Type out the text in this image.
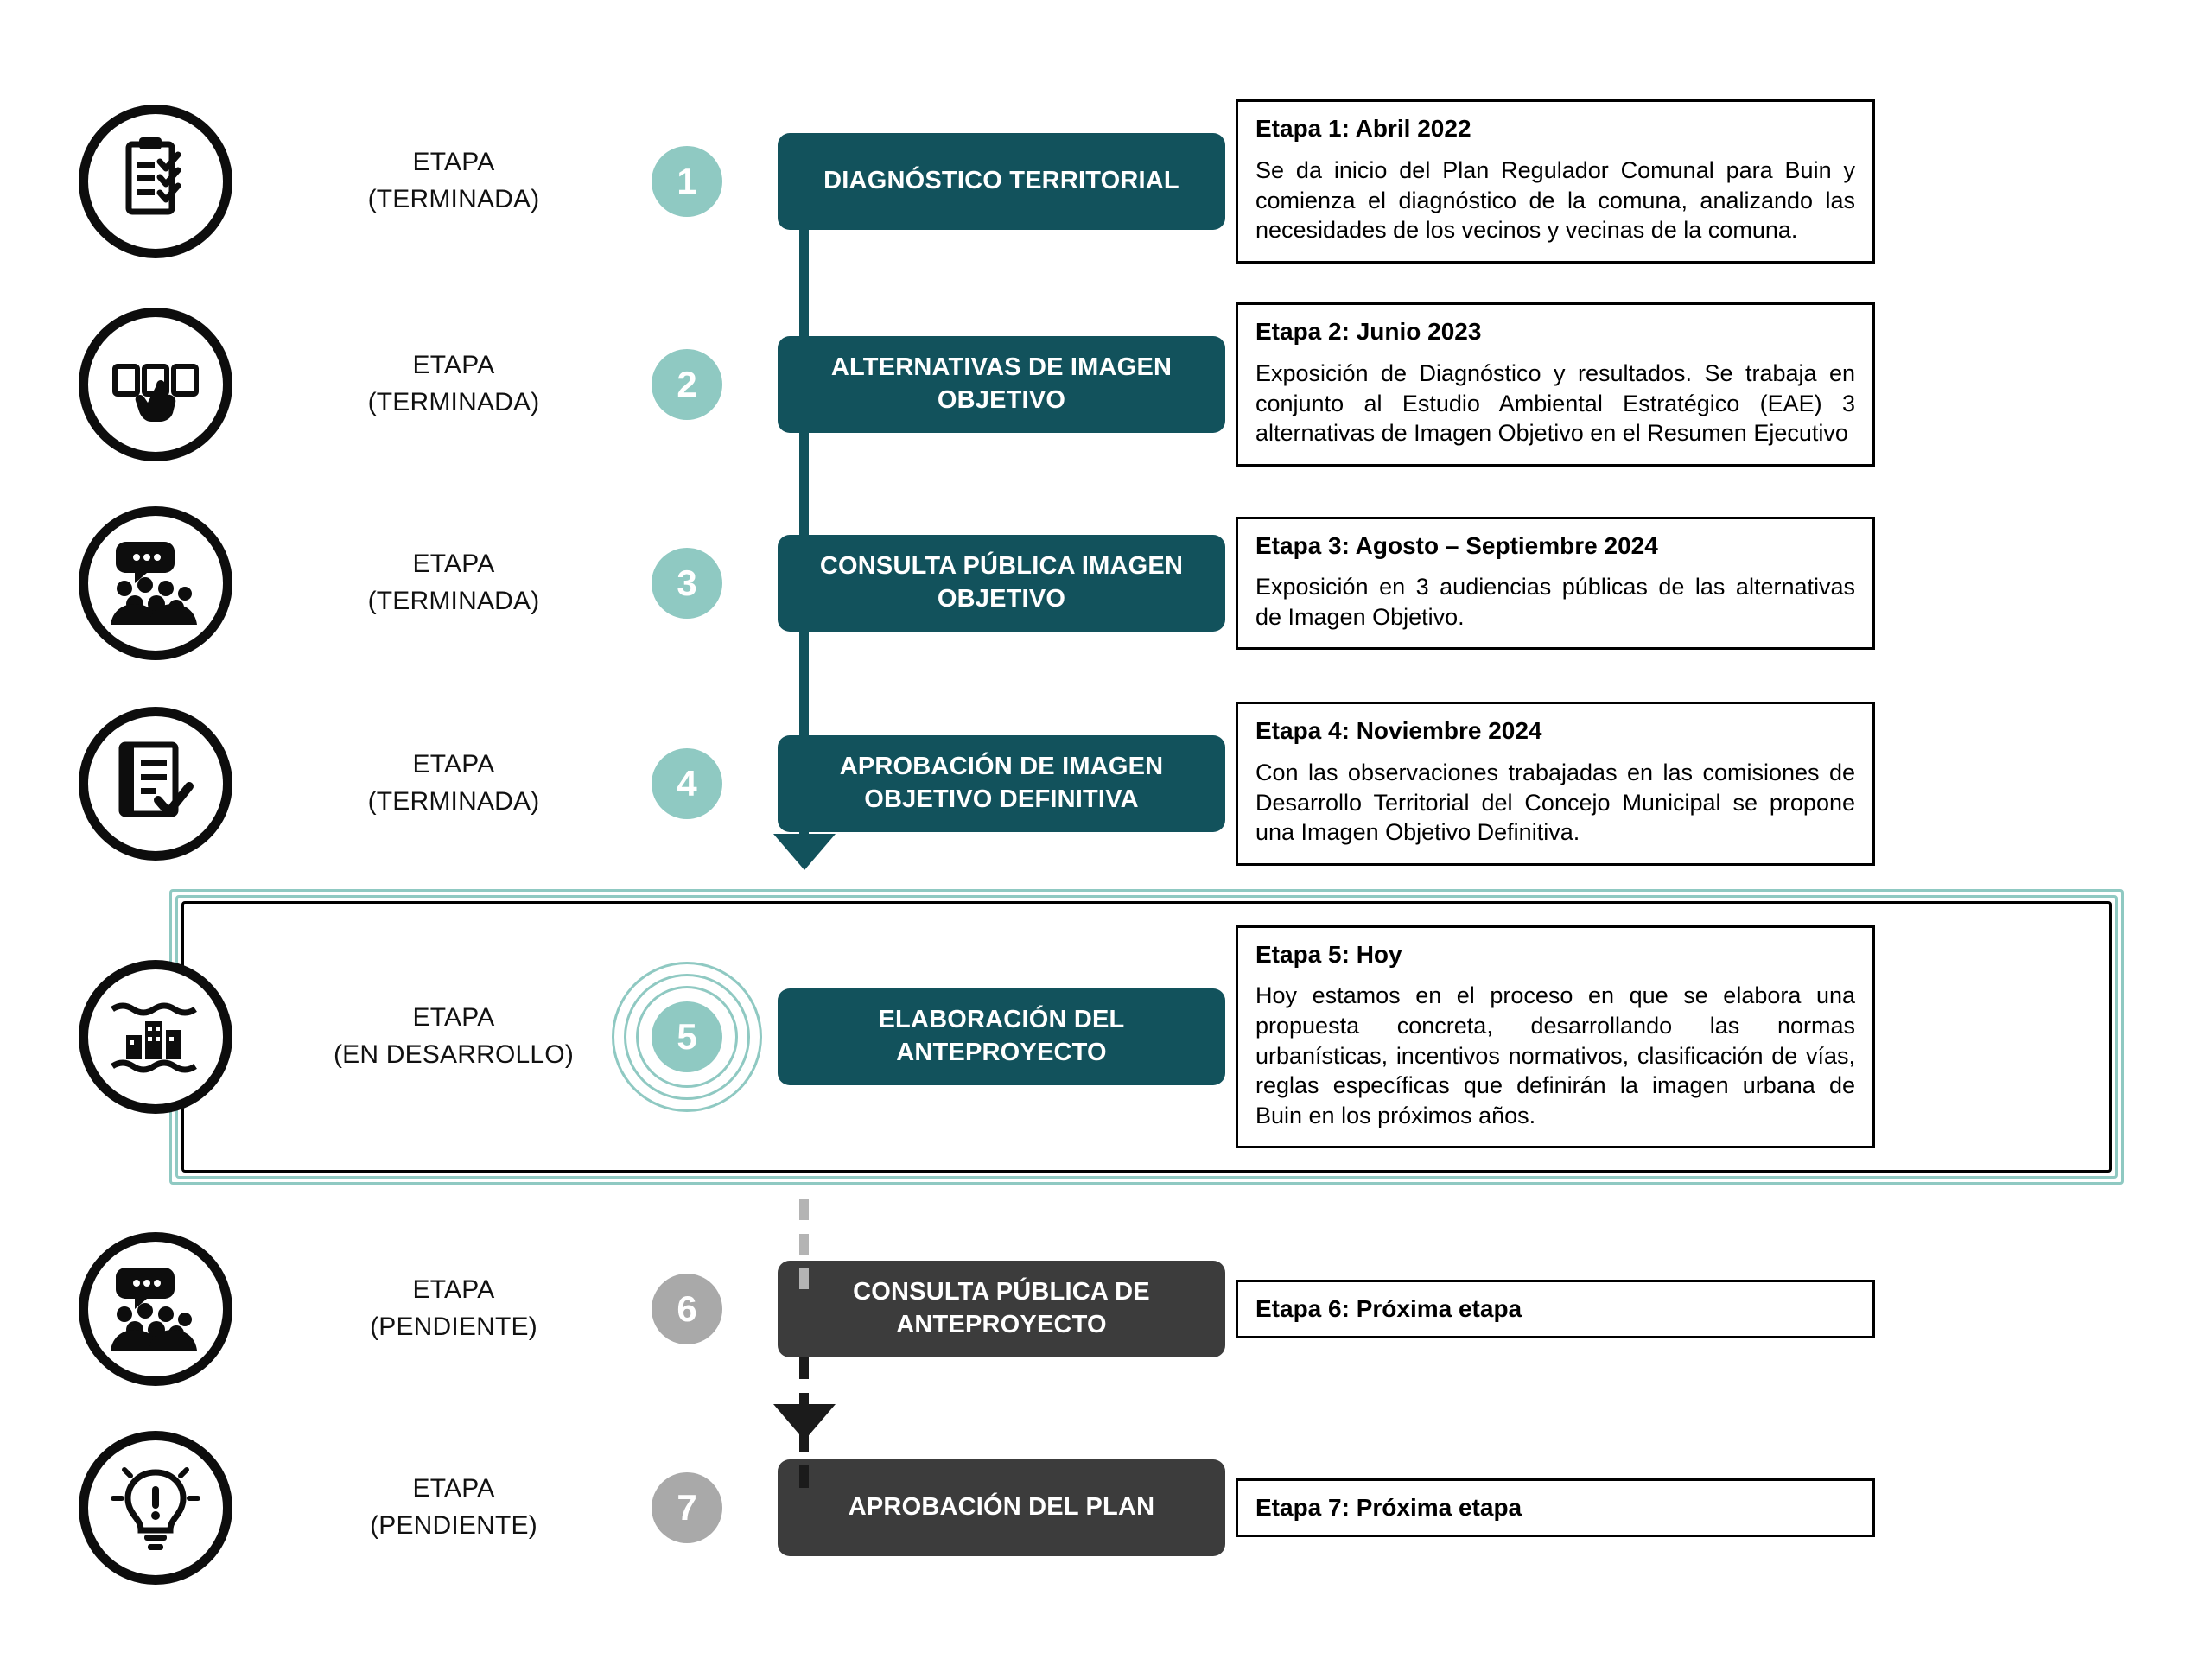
ETAPA
(TERMINADA)	1	DIAGNÓSTICO TERRITORIAL
Etapa 1: Abril 2022
Se da inicio del Plan Regulador Comunal para Buin y comienza el diagnóstico de la comuna, analizando las necesidades de los vecinos y vecinas de la comuna.
ETAPA
(TERMINADA)	2	ALTERNATIVAS DE IMAGEN OBJETIVO
Etapa 2: Junio 2023
Exposición de Diagnóstico y resultados. Se trabaja en conjunto al Estudio Ambiental Estratégico (EAE) 3 alternativas de Imagen Objetivo en el Resumen Ejecutivo
ETAPA
(TERMINADA)	3	CONSULTA PÚBLICA IMAGEN OBJETIVO
Etapa 3: Agosto – Septiembre 2024
Exposición en 3 audiencias públicas de las alternativas de Imagen Objetivo.
ETAPA
(TERMINADA)	4	APROBACIÓN DE IMAGEN OBJETIVO DEFINITIVA
Etapa 4: Noviembre 2024
Con las observaciones trabajadas en las comisiones de Desarrollo Territorial del Concejo Municipal se propone una Imagen Objetivo Definitiva.
ETAPA
(EN DESARROLLO)	5	ELABORACIÓN DEL ANTEPROYECTO
Etapa 5: Hoy
Hoy estamos en el proceso en que se elabora una propuesta concreta, desarrollando las normas urbanísticas, incentivos normativos, clasificación de vías, reglas específicas que definirán la imagen urbana de Buin en los próximos años.
ETAPA
(PENDIENTE)	6	CONSULTA PÚBLICA DE ANTEPROYECTO
Etapa 6: Próxima etapa
ETAPA
(PENDIENTE)	7	APROBACIÓN DEL PLAN	Etapa 7: Próxima etapa
